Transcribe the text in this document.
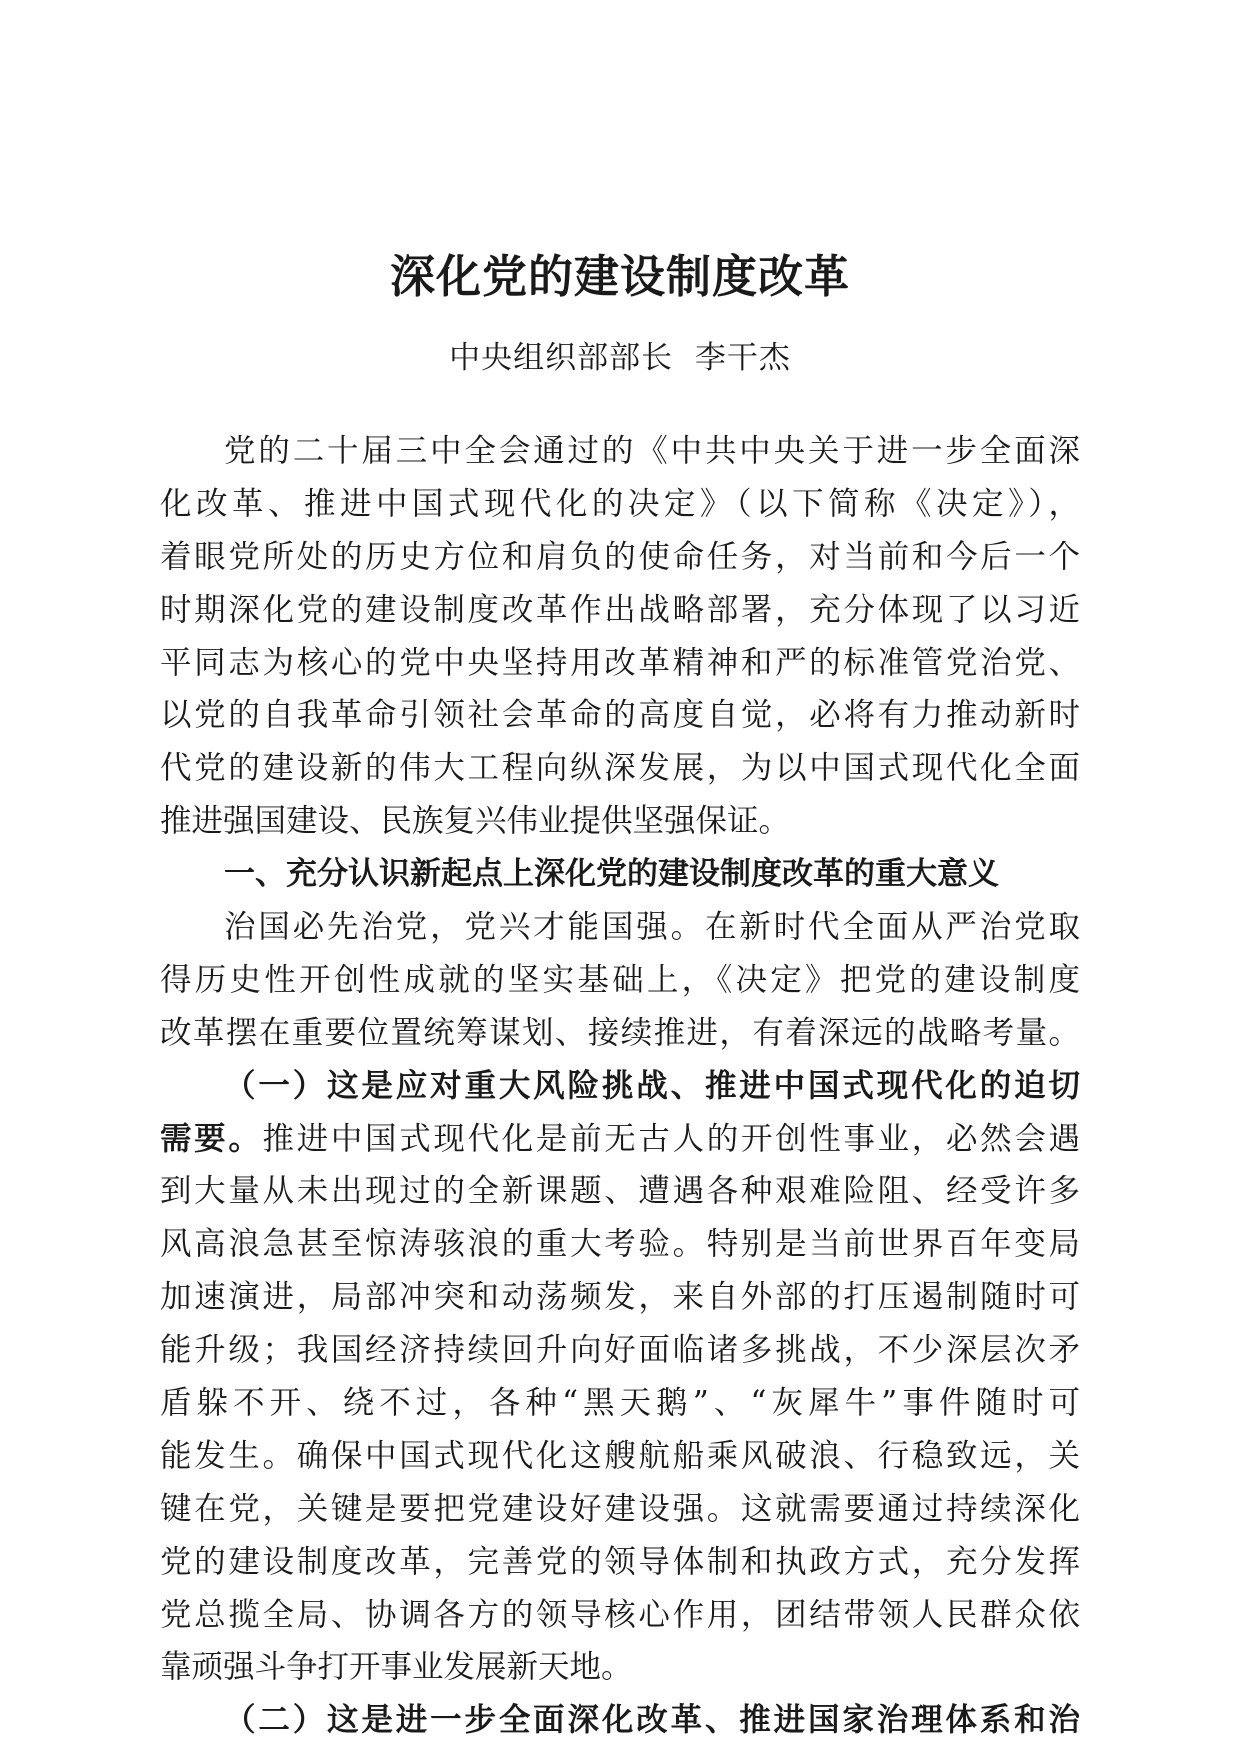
深化党的建设制度改革
中央组织部部长  李干杰
党的二十届三中全会通过的《中共中央关于进一步全面深
化改革、推进中国式现代化的决定》（以下简称《决定》），
着眼党所处的历史方位和肩负的使命任务，对当前和今后一个
时期深化党的建设制度改革作出战略部署，充分体现了以习近
平同志为核心的党中央坚持用改革精神和严的标准管党治党、
以党的自我革命引领社会革命的高度自觉，必将有力推动新时
代党的建设新的伟大工程向纵深发展，为以中国式现代化全面
推进强国建设、民族复兴伟业提供坚强保证。
一、充分认识新起点上深化党的建设制度改革的重大意义
治国必先治党，党兴才能国强。在新时代全面从严治党取
得历史性开创性成就的坚实基础上，《决定》把党的建设制度
改革摆在重要位置统筹谋划、接续推进，有着深远的战略考量。
（一）这是应对重大风险挑战、推进中国式现代化的迫切
需要。推进中国式现代化是前无古人的开创性事业，必然会遇
到大量从未出现过的全新课题、遭遇各种艰难险阻、经受许多
风高浪急甚至惊涛骇浪的重大考验。特别是当前世界百年变局
加速演进，局部冲突和动荡频发，来自外部的打压遏制随时可
能升级；我国经济持续回升向好面临诸多挑战，不少深层次矛
盾躲不开、绕不过，各种“黑天鹅”、“灰犀牛”事件随时可
能发生。确保中国式现代化这艘航船乘风破浪、行稳致远，关
键在党，关键是要把党建设好建设强。这就需要通过持续深化
党的建设制度改革，完善党的领导体制和执政方式，充分发挥
党总揽全局、协调各方的领导核心作用，团结带领人民群众依
靠顽强斗争打开事业发展新天地。
（二）这是进一步全面深化改革、推进国家治理体系和治
